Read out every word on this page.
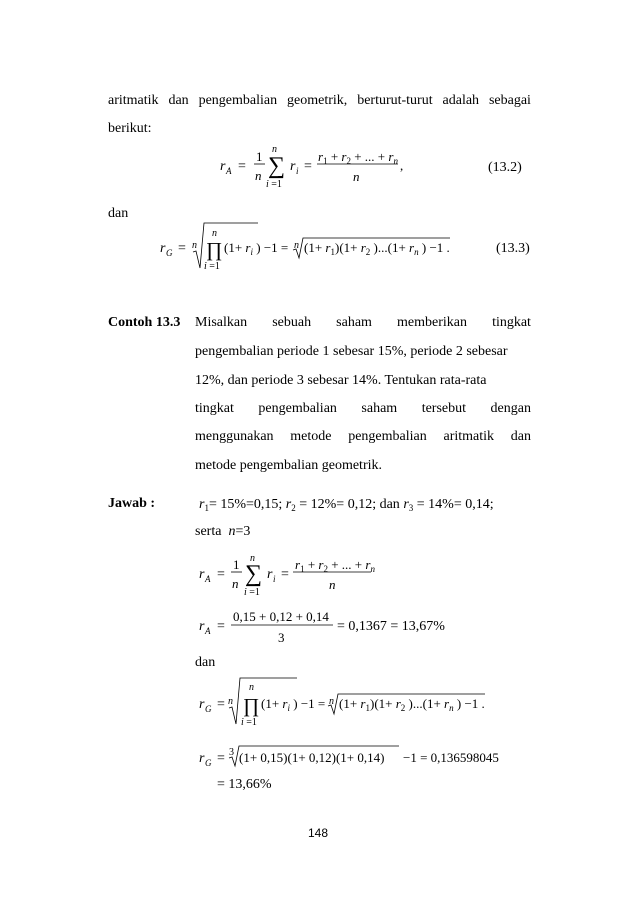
aritmatik dan pengembalian geometrik, berturut-turut adalah sebagai
berikut:
r A =
1
n
n
∑
i =1
r i =
$r_1 + r_2$ + ... + $r_n$
n
,	(13.2)
dan
r G = n
n
∏
i =1
($1+ r_i$ ) −1 = n $(1+ r_1)(1+ r_2$ )$...(1+ r_n$ ) −1 .	(13.3)
Contoh 13.3 Misalkan sebuah saham memberikan tingkat
pengembalian periode 1 sebesar 15%, periode 2 sebesar
12%, dan periode 3 sebesar 14%. Tentukan rata-rata
tingkat pengembalian saham tersebut dengan
menggunakan metode pengembalian aritmatik dan
metode pengembalian geometrik.
Jawab :	$r_1= 15\%=0,15$; $r_2 = 12\%= 0,12$; dan $r_3 = 14\%= 0,14$;
serta  n=3
r A =
1
n
n
∑
i =1
r i =
$r_1 + r_2$ + ... + $r_n$
n
r A =
0,15 + 0,12 + 0,14
3
= 0,1367 = 13,67%
dan
r G = n
n
∏
i =1
($1+ r_i$ ) −1 = n $(1+ r_1)(1+ r_2$ )$...(1+ r_n$ ) −1 .
r G = 3 (1+ 0,15)(1+ 0,12)(1+ 0,14) −1 = 0,136598045
= 13,66%
148
